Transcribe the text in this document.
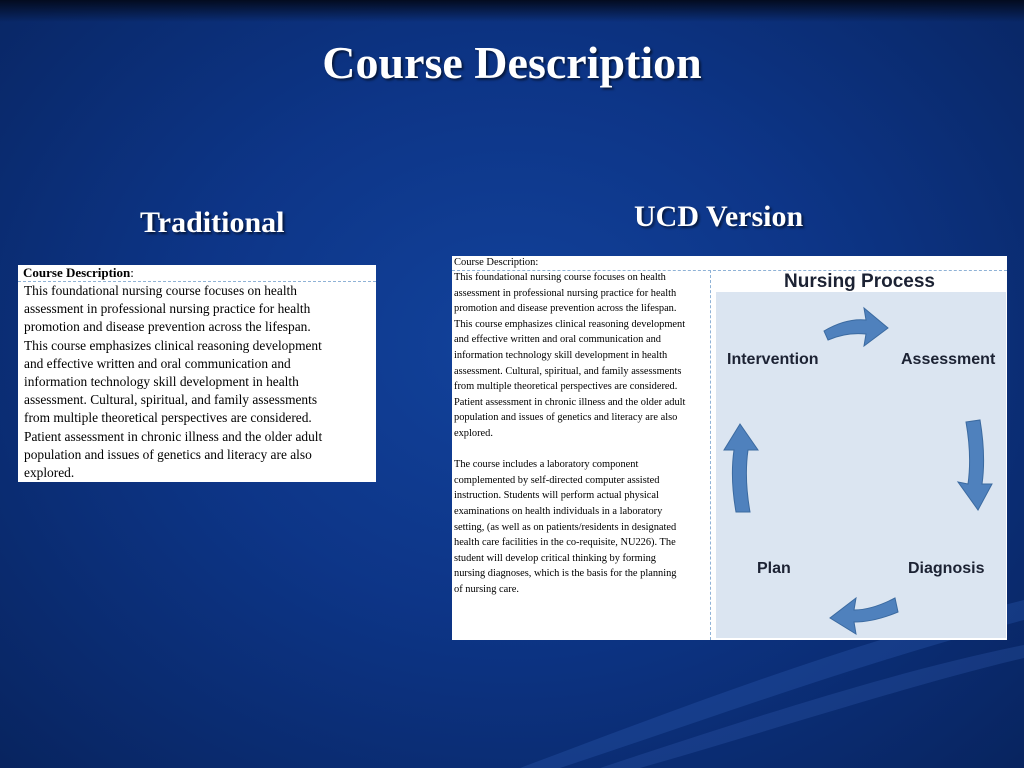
Course Description
Traditional	UCD Version
Course Description:
This foundational nursing course focuses on health
assessment in professional nursing practice for health
promotion and disease prevention across the lifespan.
This course emphasizes clinical reasoning development
and effective written and oral communication and
information technology skill development in health
assessment. Cultural, spiritual, and family assessments
from multiple theoretical perspectives are considered.
Patient assessment in chronic illness and the older adult
population and issues of genetics and literacy are also
explored.
Course Description:

This foundational nursing course focuses on health

assessment in professional nursing practice for health

promotion and disease prevention across the lifespan.

This course emphasizes clinical reasoning development

and effective written and oral communication and

information technology skill development in health

assessment. Cultural, spiritual, and family assessments

from multiple theoretical perspectives are considered.

Patient assessment in chronic illness and the older adult

population and issues of genetics and literacy are also

explored.

The course includes a laboratory component

complemented by self-directed computer assisted

instruction. Students will perform actual physical

examinations on health individuals in a laboratory

setting, (as well as on patients/residents in designated

health care facilities in the co-requisite, NU226). The

student will develop critical thinking by forming

nursing diagnoses, which is the basis for the planning

of nursing care.

Nursing Process
Assessment
Diagnosis
Plan
Intervention
